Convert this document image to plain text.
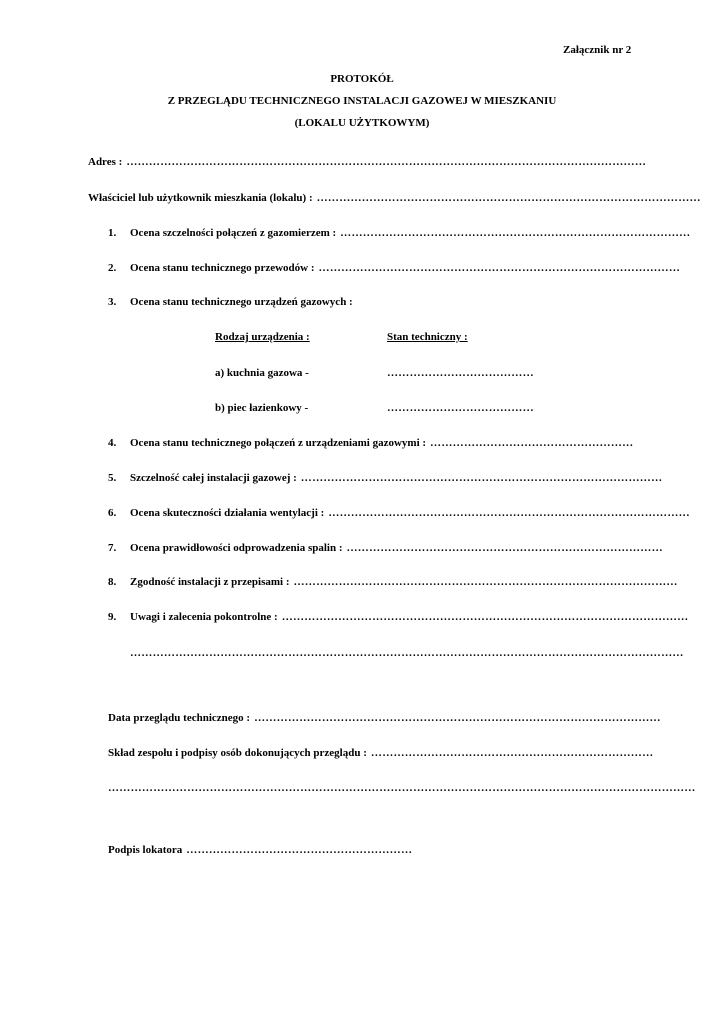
Załącznik nr 2
PROTOKÓŁ
Z PRZEGLĄDU TECHNICZNEGO INSTALACJI GAZOWEJ W MIESZKANIU
(LOKALU UŻYTKOWYM)
Adres : …………………………………………………………………………………………………………………………
Właściciel lub użytkownik mieszkania (lokalu) : …………………………………………………………………………………………
1.	Ocena szczelności połączeń z gazomierzem : …………………………………………………………………………………
2.	Ocena stanu technicznego przewodów : ……………………………………………………………………………………
3.	Ocena stanu technicznego urządzeń gazowych :
Rodzaj urządzenia :	Stan techniczny :
a) kuchnia gazowa -	…………………………………
b) piec łazienkowy -	…………………………………
4.	Ocena stanu technicznego połączeń z urządzeniami gazowymi : ………………………………………………
5.	Szczelność całej instalacji gazowej : ……………………………………………………………………………………
6.	Ocena skuteczności działania wentylacji : ……………………………………………………………………………………
7.	Ocena prawidłowości odprowadzenia spalin : …………………………………………………………………………
8.	Zgodność instalacji z przepisami : …………………………………………………………………………………………
9.	Uwagi i zalecenia pokontrolne : ………………………………………………………………………………………………
…………………………………………………………………………………………………………………………………
Data przeglądu technicznego : ………………………………………………………………………………………………
Skład zespołu i podpisy osób dokonujących przeglądu : …………………………………………………………………
…………………………………………………………………………………………………………………………………………
Podpis lokatora ……………………………………………………
